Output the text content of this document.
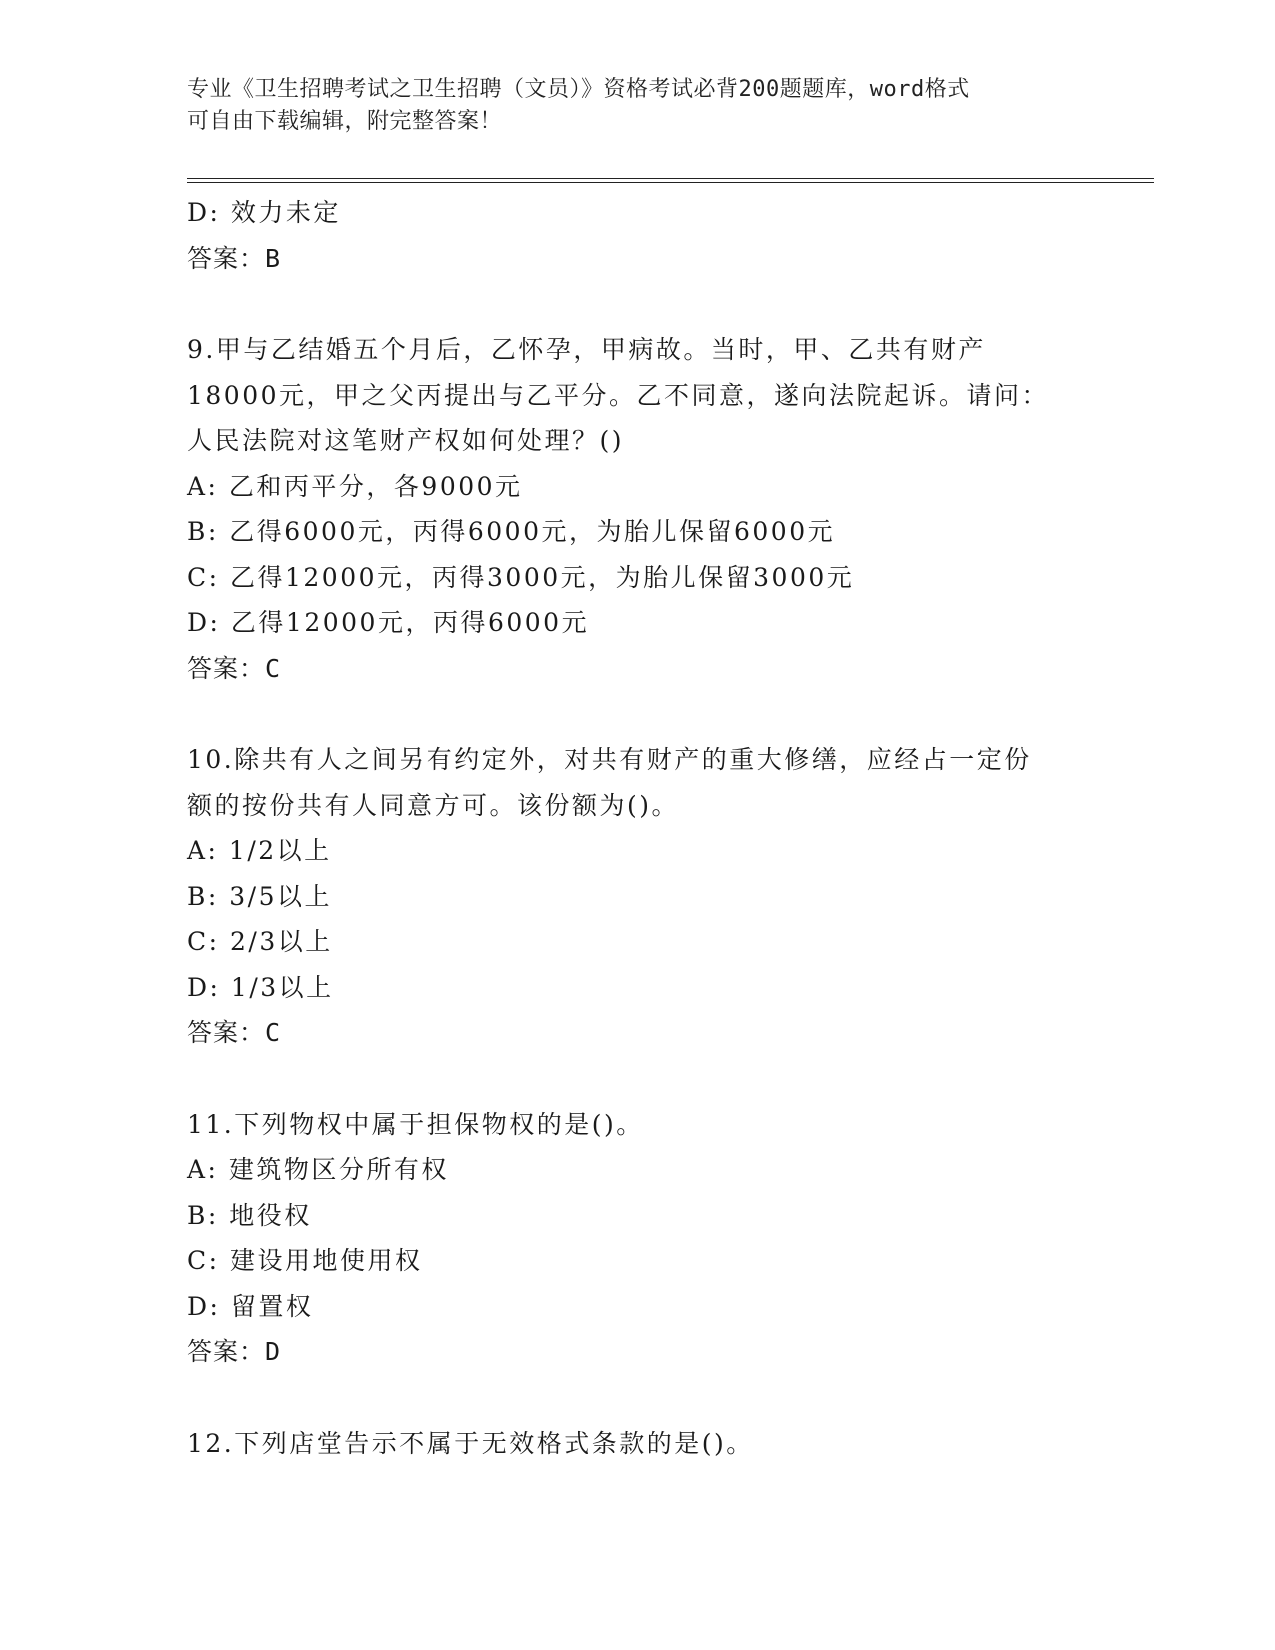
专业《卫生招聘考试之卫生招聘（文员）》资格考试必背200题题库，word格式
可自由下载编辑，附完整答案！
D: 效力未定
答案：B
9.甲与乙结婚五个月后，乙怀孕，甲病故。当时，甲、乙共有财产
18000元，甲之父丙提出与乙平分。乙不同意，遂向法院起诉。请问：
人民法院对这笔财产权如何处理？()
A: 乙和丙平分，各9000元
B: 乙得6000元，丙得6000元，为胎儿保留6000元
C: 乙得12000元，丙得3000元，为胎儿保留3000元
D: 乙得12000元，丙得6000元
答案：C
10.除共有人之间另有约定外，对共有财产的重大修缮，应经占一定份
额的按份共有人同意方可。该份额为()。
A: 1/2以上
B: 3/5以上
C: 2/3以上
D: 1/3以上
答案：C
11.下列物权中属于担保物权的是()。
A: 建筑物区分所有权
B: 地役权
C: 建设用地使用权
D: 留置权
答案：D
12.下列店堂告示不属于无效格式条款的是()。
